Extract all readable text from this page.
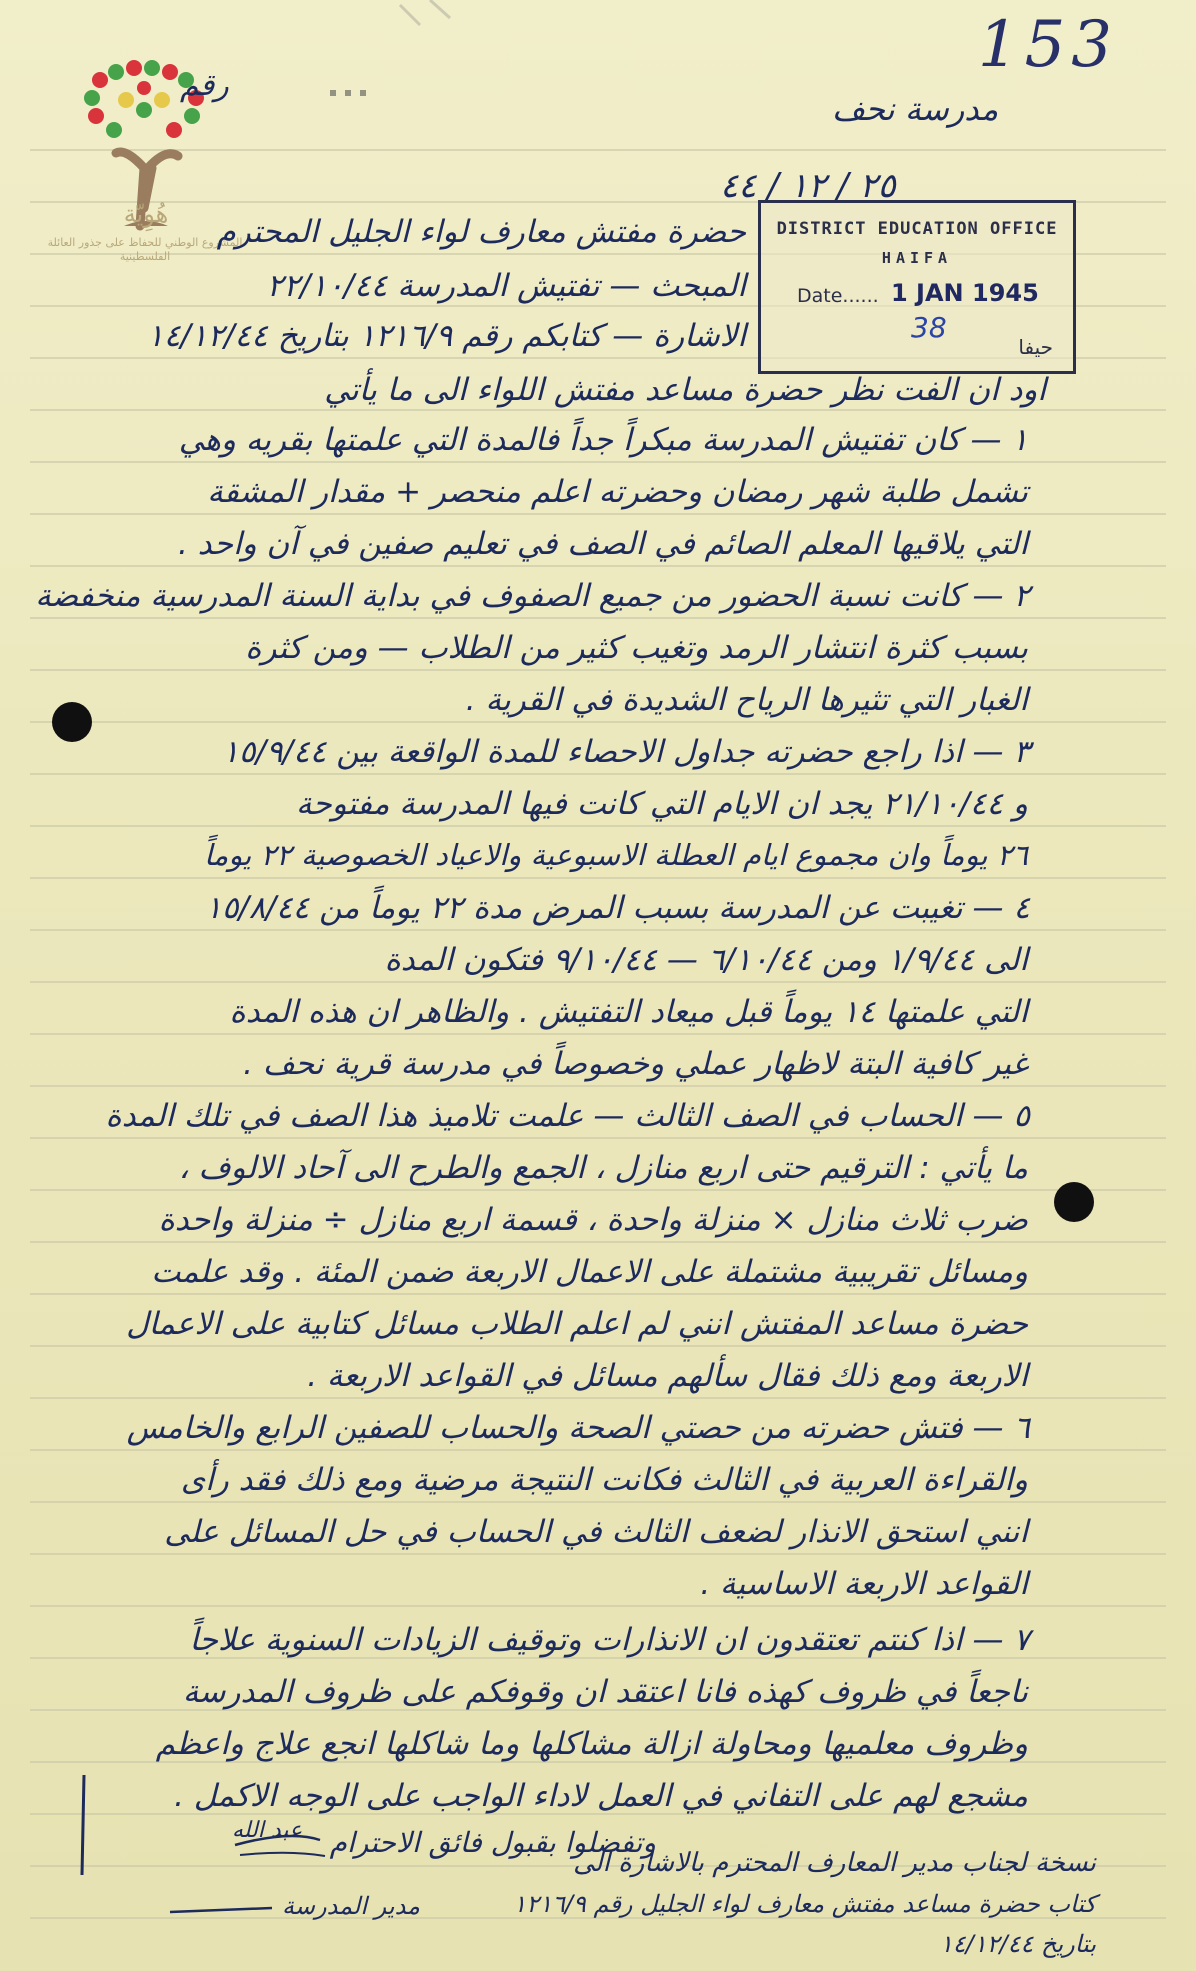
هُوِيّة
المشروع الوطني للحفاظ على جذور العائلة الفلسطينية
153
رقم
مدرسة نحف
DISTRICT EDUCATION OFFICE
HAIFA
Date...... 1 JAN 1945
38
حيفا
٢٥ / ١٢ / ٤٤
حضرة مفتش معارف لواء الجليل المحترم
المبحث — تفتيش المدرسة ٢٢/١٠/٤٤
الاشارة — كتابكم رقم ١٢١٦/٩ بتاريخ ١٤/١٢/٤٤
اود ان الفت نظر حضرة مساعد مفتش اللواء الى ما يأتي
١ — كان تفتيش المدرسة مبكراً جداً فالمدة التي علمتها بقريه وهي
تشمل طلبة شهر رمضان وحضرته اعلم منحصر + مقدار المشقة
التي يلاقيها المعلم الصائم في الصف في تعليم صفين في آن واحد .
٢ — كانت نسبة الحضور من جميع الصفوف في بداية السنة المدرسية منخفضة
بسبب كثرة انتشار الرمد وتغيب كثير من الطلاب — ومن كثرة
الغبار التي تثيرها الرياح الشديدة في القرية .
٣ — اذا راجع حضرته جداول الاحصاء للمدة الواقعة بين ١٥/٩/٤٤
و ٢١/١٠/٤٤ يجد ان الايام التي كانت فيها المدرسة مفتوحة
٢٦ يوماً وان مجموع ايام العطلة الاسبوعية والاعياد الخصوصية ٢٢ يوماً
٤ — تغيبت عن المدرسة بسبب المرض مدة ٢٢ يوماً من ١٥/٨/٤٤
الى ١/٩/٤٤ ومن ٦/١٠/٤٤ — ٩/١٠/٤٤ فتكون المدة
التي علمتها ١٤ يوماً قبل ميعاد التفتيش . والظاهر ان هذه المدة
غير كافية البتة لاظهار عملي وخصوصاً في مدرسة قرية نحف .
٥ — الحساب في الصف الثالث — علمت تلاميذ هذا الصف في تلك المدة
ما يأتي : الترقيم حتى اربع منازل ، الجمع والطرح الى آحاد الالوف ،
ضرب ثلاث منازل × منزلة واحدة ، قسمة اربع منازل ÷ منزلة واحدة
ومسائل تقريبية مشتملة على الاعمال الاربعة ضمن المئة . وقد علمت
حضرة مساعد المفتش انني لم اعلم الطلاب مسائل كتابية على الاعمال
الاربعة ومع ذلك فقال سألهم مسائل في القواعد الاربعة .
٦ — فتش حضرته من حصتي الصحة والحساب للصفين الرابع والخامس
والقراءة العربية في الثالث فكانت النتيجة مرضية ومع ذلك فقد رأى
انني استحق الانذار لضعف الثالث في الحساب في حل المسائل على
القواعد الاربعة الاساسية .
٧ — اذا كنتم تعتقدون ان الانذارات وتوقيف الزيادات السنوية علاجاً
ناجعاً في ظروف كهذه فانا اعتقد ان وقوفكم على ظروف المدرسة
وظروف معلميها ومحاولة ازالة مشاكلها وما شاكلها انجع علاج واعظم
مشجع لهم على التفاني في العمل لاداء الواجب على الوجه الاكمل .
وتفضلوا بقبول فائق الاحترام
عبد الله
مدير المدرسة
نسخة لجناب مدير المعارف المحترم بالاشارة الى
كتاب حضرة مساعد مفتش معارف لواء الجليل رقم ١٢١٦/٩
بتاريخ ١٤/١٢/٤٤
